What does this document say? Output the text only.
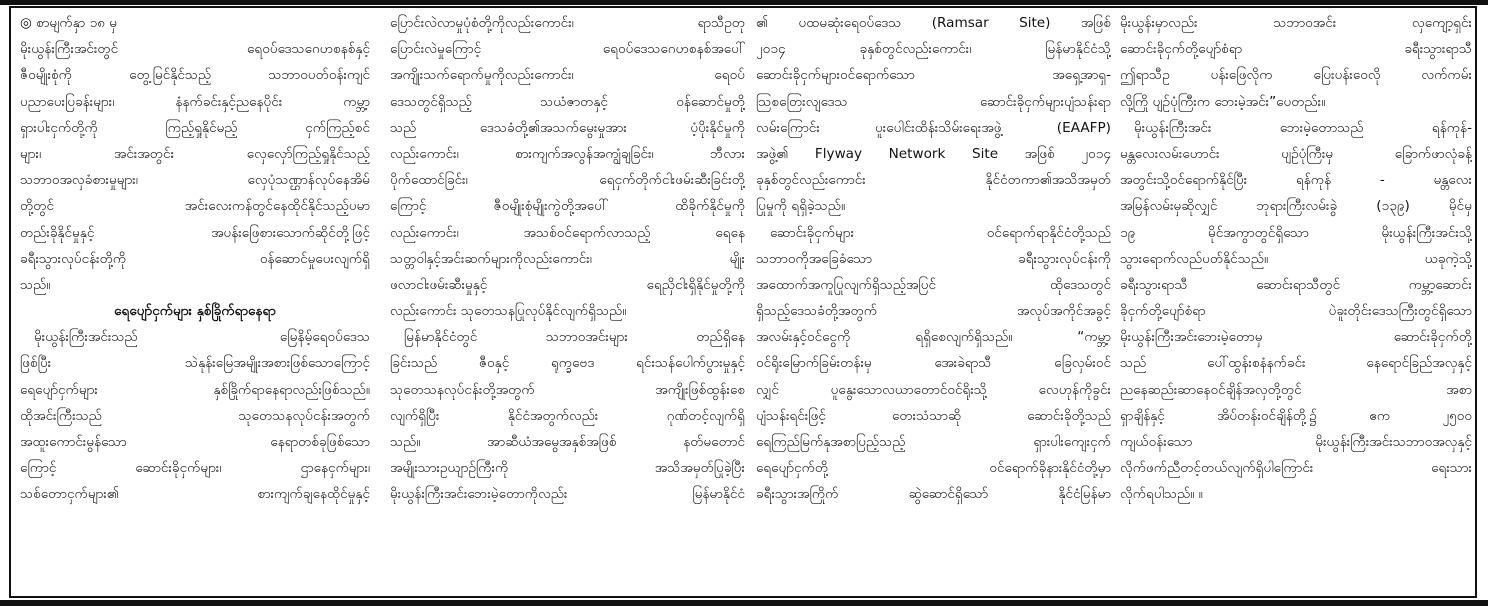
◎ စာမျက်နှာ ၁၈ မှ
မိုးယွန်းကြီးအင်းတွင် ရေဝပ်ဒေသဂေဟစနစ်နှင့်
ဇီဝမျိုးစုံကို တွေ့မြင်နိုင်သည့် သဘာဝပတ်ဝန်းကျင်
ပညာပေးပြခန်းများ၊ နံနက်ခင်းနှင့်ညနေပိုင်း ကမ္ဘာ့
ရှားပါးငှက်တို့ကို ကြည့်ရှုနိုင်မည့် ငှက်ကြည့်စင်
များ၊ အင်းအတွင်း လှေလှော်ကြည့်ရှုနိုင်သည့်
သဘာဝအလှခံစားမှုများ၊ လှေပုံသဏ္ဌာန်လုပ်နေအိမ်
တို့တွင် အင်းလေးကန်တွင်နေထိုင်နိုင်သည့်ပမာ
တည်းခိုနိုင်မှုနှင့် အပန်းဖြေစားသောက်ဆိုင်တို့ဖြင့်
ခရီးသွားလုပ်ငန်းတို့ကို ဝန်ဆောင်မှုပေးလျက်ရှိ
သည်။
ရေပျော်ငှက်များ နှစ်ခြိုက်ရာနေရာ
မိုးယွန်းကြီးအင်းသည် မြေနိမ့်ရေဝပ်ဒေသ
ဖြစ်ပြီး သဲနုန်းမြေအမျိုးအစားဖြစ်သောကြောင့်
ရေပျော်ငှက်များ နှစ်ခြိုက်ရာနေရာလည်းဖြစ်သည်။
ထိုအင်းကြီးသည် သုတေသနလုပ်ငန်းအတွက်
အထူးကောင်းမွန်သော နေရာတစ်ခုဖြစ်သော
ကြောင့် ဆောင်းခိုငှက်များ၊ ဌာနေငှက်များ၊
သစ်တောငှက်များ၏ စားကျက်ချနေထိုင်မှုနှင့်
ပြောင်းလဲလာမှုပုံစံတို့ကိုလည်းကောင်း၊ ရာသီဥတု
ပြောင်းလဲမှုကြောင့် ရေဝပ်ဒေသဂေဟစနစ်အပေါ်
အကျိုးသက်ရောက်မှုကိုလည်းကောင်း၊ ရေဝပ်
ဒေသတွင်ရှိသည့် သယံဇာတနှင့် ဝန်ဆောင်မှုတို့
သည် ဒေသခံတို့၏အသက်မွေးမှုအား ပံ့ပိုးနိုင်မှုကို
လည်းကောင်း၊ စားကျက်အလွန်အကျွံချခြင်း၊ ဘီလား
ပိုက်ထောင်ခြင်း၊ ရေငှက်တိုက်ငါးဖမ်းဆီးခြင်းတို့
ကြောင့် ဇီဝမျိုးစုံမျိုးကွဲတို့အပေါ် ထိခိုက်နိုင်မှုကို
လည်းကောင်း၊ အသစ်ဝင်ရောက်လာသည့် ရေနေ
သတ္တဝါနှင့်အင်းဆက်များကိုလည်းကောင်း၊ မျိုး
ဖလာငါးဖမ်းဆီးမှုနှင့် ရေညှိငါးရှိနိုင်မှုတို့ကို
လည်းကောင်း သုတေသနပြုလုပ်နိုင်လျက်ရှိသည်။
မြန်မာနိုင်ငံတွင် သဘာဝအင်းများ တည်ရှိနေ
ခြင်းသည် ဇီဝနှင့် ရုက္ခဗေဒ ရင်းသန်ပေါက်ပွားမှုနှင့်
သုတေသနလုပ်ငန်းတို့အတွက် အကျိုးဖြစ်ထွန်းစေ
လျက်ရှိပြီး နိုင်ငံအတွက်လည်း ဂုဏ်တင့်လျက်ရှိ
သည်။ အာဆီယံအမွေအနှစ်အဖြစ် နတ်မတောင်
အမျိုးသားဥယျာဉ်ကြီးကို အသိအမှတ်ပြုခဲ့ပြီး
မိုးယွန်းကြီးအင်းဘေးမဲ့တောကိုလည်း မြန်မာနိုင်ငံ
၏ ပထမဆုံးရေဝပ်ဒေသ (Ramsar Site) အဖြစ်
၂၀၁၄ ခုနှစ်တွင်လည်းကောင်း၊ မြန်မာနိုင်ငံသို့
ဆောင်းခိုငှက်များဝင်ရောက်သော အရှေ့အာရှ-
ဩစတြေးလျဒေသ ဆောင်းခိုငှက်များပျံသန်းရာ
လမ်းကြောင်း ပူးပေါင်းထိန်းသိမ်းရေးအဖွဲ့ (EAAFP)
အဖွဲ့၏ Flyway Network Site အဖြစ် ၂၀၁၄
ခုနှစ်တွင်လည်းကောင်း နိုင်ငံတကာ၏အသိအမှတ်
ပြုမှုကို ရရှိခဲ့သည်။
ဆောင်းခိုငှက်များ ဝင်ရောက်ရာနိုင်ငံတို့သည်
သဘာဝကိုအခြေခံသော ခရီးသွားလုပ်ငန်းကို
အထောက်အကူပြုလျက်ရှိသည့်အပြင် ထိုဒေသတွင်
ရှိသည့်ဒေသခံတို့အတွက် အလုပ်အကိုင်အခွင့်
အလမ်းနှင့်ဝင်ငွေကို ရရှိစေလျက်ရှိသည်။ “ကမ္ဘာ့
ဝင်ရိုးမြောက်ခြမ်းတန်းမှ အေးခဲရာသီ ခြေလှမ်းဝင်
လျှင် ပူနွေးသောလယာတောင်ဝင်ရိုးသို့ လေဟုန်ကိုခွင်း
ပျံသန်းရင်းဖြင့် တေးသံသာဆို ဆောင်းခိုတို့သည်
ရေကြည်မြက်နုအစာပြည့်သည့် ရှားပါးကျေးငှက်
ရေပျော်ငှက်တို့ ဝင်ရောက်ခိုနားနိုင်ငံတို့မှာ
ခရီးသွားအကြိုက် ဆွဲဆောင်ရှိသော် နိုင်ငံမြန်မာ
မိုးယွန်းမှာလည်း သဘာဝအင်း လှကျော့ရှင်း
ဆောင်းခိုငှက်တို့ပျော်စံရာ ခရီးသွားရာသီ
ဤရာသီဥ ပန်းဖြေလိုက ပြေးပန်းဝေလို လက်ကမ်း
လို့ကြို ပျဉ်ပုံကြီးက ဘေးမဲ့အင်း”ပေတည်း။
မိုးယွန်းကြီးအင်း ဘေးမဲ့တောသည် ရန်ကုန်-
မန္တလေးလမ်းဟောင်း ပျဉ်ပုံကြီးမှ ခြောက်ဖာလုံခန့်
အတွင်းသို့ဝင်ရောက်နိုင်ပြီး ရန်ကုန် - မန္တလေး
အမြန်လမ်းမှဆိုလျှင် ဘုရားကြီးလမ်းခွဲ (၁၃၉) မိုင်မှ
၁၉ မိုင်အကွာတွင်ရှိသော မိုးယွန်းကြီးအင်းသို့
သွားရောက်လည်ပတ်နိုင်သည်။ ယခုကဲ့သို့
ခရီးသွားရာသီ ဆောင်းရာသီတွင် ကမ္ဘာ့ဆောင်း
ခိုငှက်တို့ပျော်စံရာ ပဲခူးတိုင်းဒေသကြီးတွင်ရှိသော
မိုးယွန်းကြီးအင်းဘေးမဲ့တောမှ ဆောင်းခိုငှက်တို့
သည် ပေါ်ထွန်းစနံနက်ခင်း နေရောင်ခြည်အလှနှင့်
ညနေဆည်းဆာနေဝင်ချိန်အလှတို့တွင် အစာ
ရှာချိန်နှင့် အိပ်တန်းဝင်ချိန်တို့၌ ဧက ၂၅၀၀
ကျယ်ဝန်းသော မိုးယွန်းကြီးအင်းသဘာဝအလှနှင့်
လိုက်ဖက်ညီတင့်တယ်လျက်ရှိပါကြောင်း ရေးသား
လိုက်ရပါသည်။ ။
